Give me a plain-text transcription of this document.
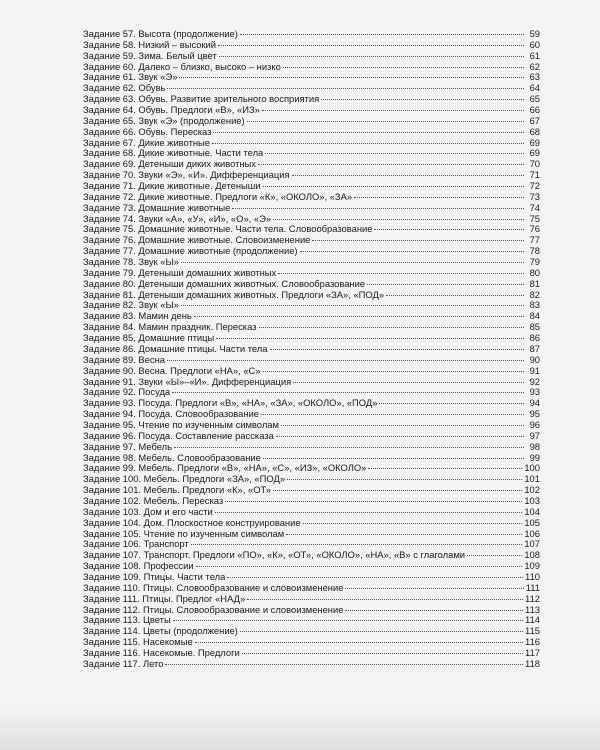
Задание 57. Высота (продолжение)	59
Задание 58. Низкий – высокий	60
Задание 59. Зима. Белый цвет	61
Задание 60. Далеко – близко, высоко – низко	62
Задание 61. Звук «Э»	63
Задание 62. Обувь	64
Задание 63. Обувь. Развитие зрительного восприятия	65
Задание 64. Обувь. Предлоги «В», «ИЗ»	66
Задание 65. Звук «Э» (продолжение)	67
Задание 66. Обувь. Пересказ	68
Задание 67. Дикие животные	69
Задание 68. Дикие животные. Части тела	69
Задание 69. Детеныши диких животных	70
Задание 70. Звуки «Э», «И». Дифференциация	71
Задание 71. Дикие животные. Детеныши	72
Задание 72. Дикие животные. Предлоги «К», «ОКОЛО», «ЗА»	73
Задание 73. Домашние животные	74
Задание 74. Звуки «А», «У», «И», «О», «Э»	75
Задание 75. Домашние животные. Части тела. Словообразование	76
Задание 76. Домашние животные. Словоизменение	77
Задание 77. Домашние животные (продолжение)	78
Задание 78. Звук «Ы»	79
Задание 79. Детеныши домашних животных	80
Задание 80. Детеныши домашних животных. Словообразование	81
Задание 81. Детеныши домашних животных. Предлоги «ЗА», «ПОД»	82
Задание 82. Звук «Ы»	83
Задание 83. Мамин день	84
Задание 84. Мамин праздник. Пересказ	85
Задание 85. Домашние птицы	86
Задание 86. Домашние птицы. Части тела	87
Задание 89. Весна	90
Задание 90. Весна. Предлоги «НА», «С»	91
Задание 91. Звуки «Ы»–«И». Дифференциация	92
Задание 92. Посуда	93
Задание 93. Посуда. Предлоги «В», «НА», «ЗА», «ОКОЛО», «ПОД»	94
Задание 94. Посуда. Словообразование	95
Задание 95. Чтение по изученным символам	96
Задание 96. Посуда. Составление рассказа	97
Задание 97. Мебель	98
Задание 98. Мебель. Словообразование	99
Задание 99. Мебель. Предлоги «В», «НА», «С», «ИЗ», «ОКОЛО»	100
Задание 100. Мебель. Предлоги «ЗА», «ПОД»	101
Задание 101. Мебель. Предлоги «К», «ОТ»	102
Задание 102. Мебель. Пересказ	103
Задание 103. Дом и его части	104
Задание 104. Дом. Плоскостное конструирование	105
Задание 105. Чтение по изученным символам	106
Задание 106. Транспорт	107
Задание 107. Транспорт. Предлоги «ПО», «К», «ОТ», «ОКОЛО», «НА», «В» с глаголами	108
Задание 108. Профессии	109
Задание 109. Птицы. Части тела	110
Задание 110. Птицы. Словообразование и словоизменение	111
Задание 111. Птицы. Предлог «НАД»	112
Задание 112. Птицы. Словообразование и словоизменение	113
Задание 113. Цветы	114
Задание 114. Цветы (продолжение)	115
Задание 115. Насекомые	116
Задание 116. Насекомые. Предлоги	117
Задание 117. Лето	118
